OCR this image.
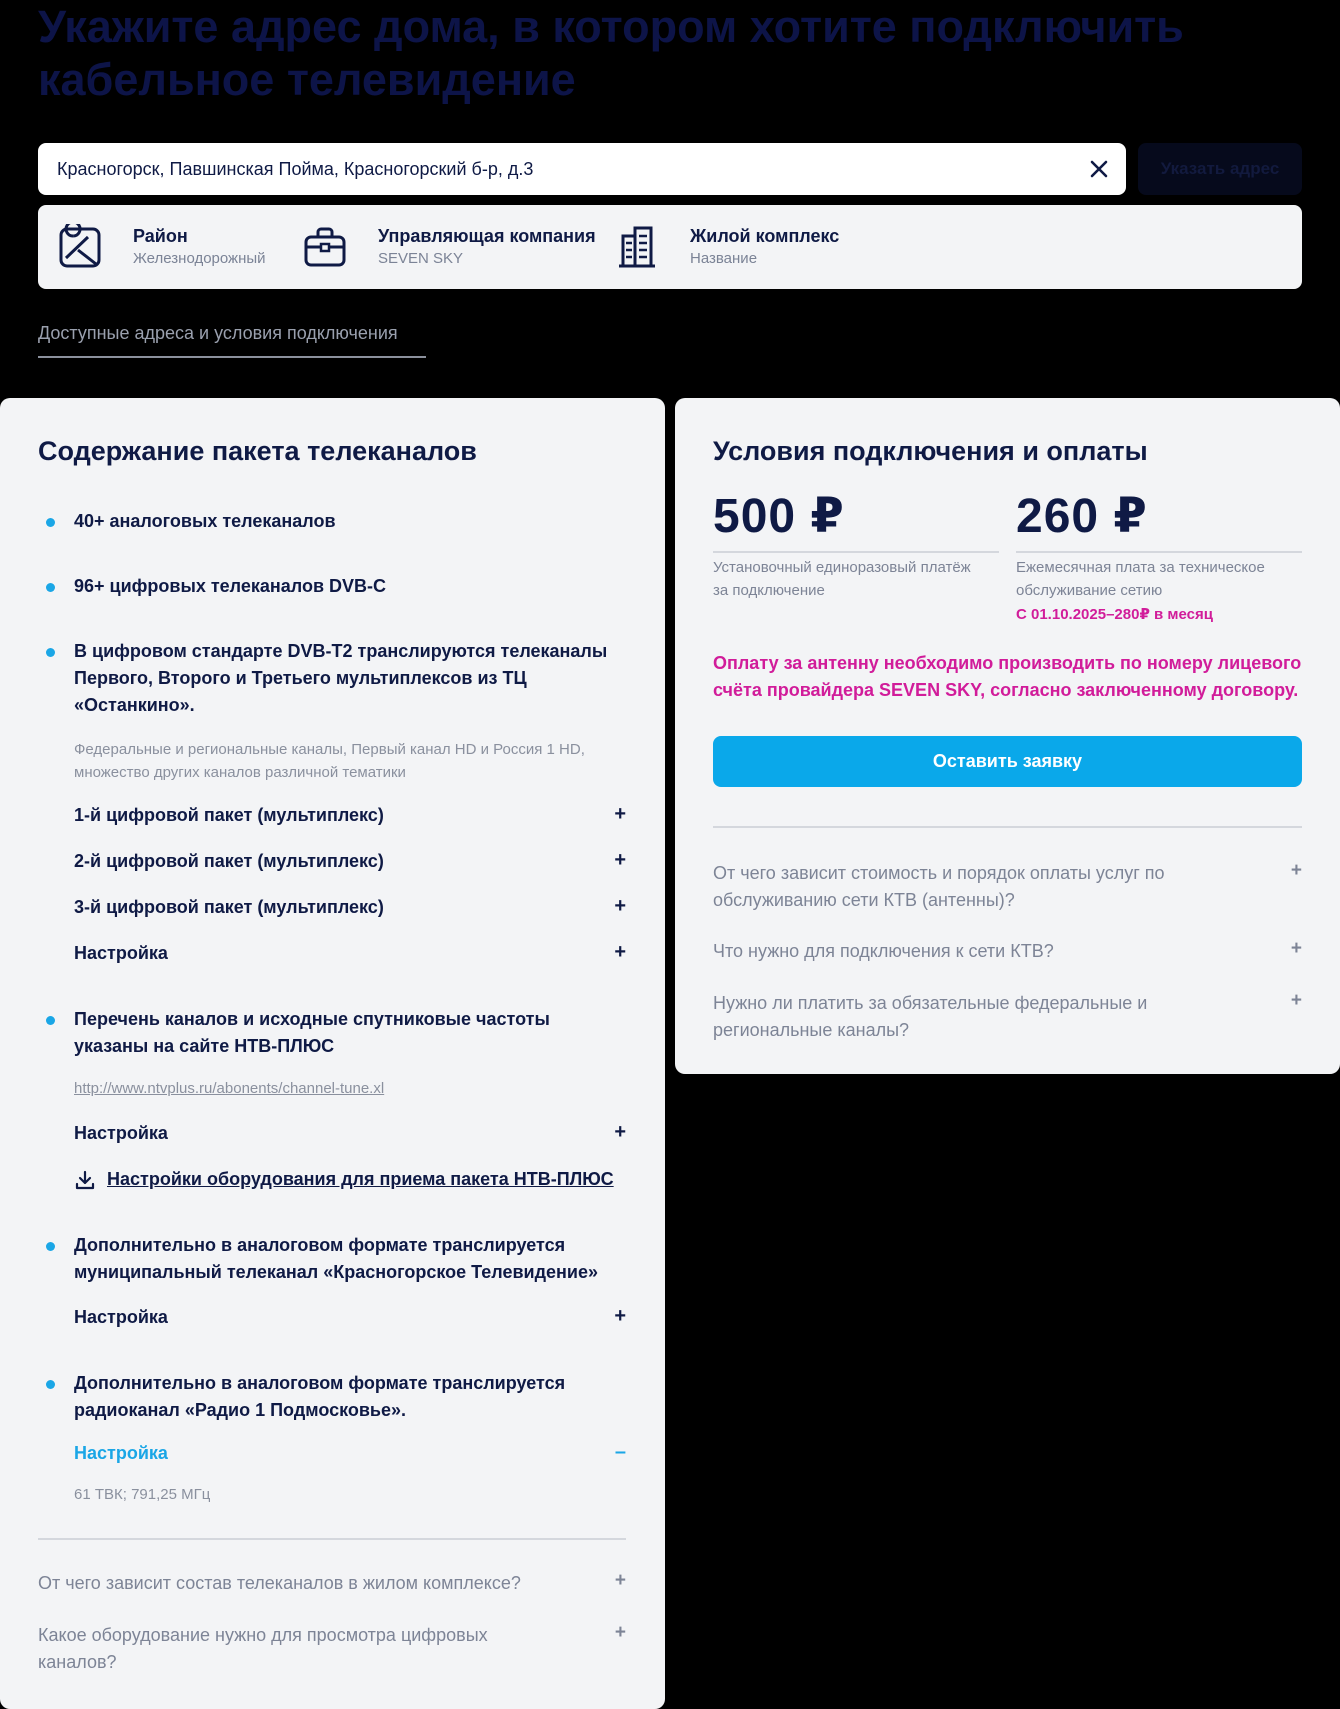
Укажите адрес дома, в котором хотите подключить кабельное телевидение
Красногорск, Павшинская Пойма, Красногорский б-р, д.3
Указать адрес
Район
Железнодорожный
Управляющая компания
SEVEN SKY
Жилой комплекс
Название
Доступные адреса и условия подключения
Содержание пакета телеканалов
40+ аналоговых телеканалов
96+ цифровых телеканалов DVB-C
В цифровом стандарте DVB-T2 транслируются телеканалы Первого, Второго и Третьего мультиплексов из ТЦ «Останкино».
Федеральные и региональные каналы, Первый канал HD и Россия 1 HD, множество других каналов различной тематики
1-й цифровой пакет (мультиплекс)	+
2-й цифровой пакет (мультиплекс)	+
3-й цифровой пакет (мультиплекс)	+
Настройка	+
Перечень каналов и исходные спутниковые частоты указаны на сайте НТВ-ПЛЮС
http://www.ntvplus.ru/abonents/channel-tune.xl
Настройка	+
Настройки оборудования для приема пакета НТВ-ПЛЮС
Дополнительно в аналоговом формате транслируется муниципальный телеканал «Красногорское Телевидение»
Настройка	+
Дополнительно в аналоговом формате транслируется радиоканал «Радио 1 Подмосковье».
Настройка	–
61 ТВК; 791,25 МГц
От чего зависит состав телеканалов в жилом комплексе?	+
Какое оборудование нужно для просмотра цифровых каналов?
+
Условия подключения и оплаты
500 ₽
Установочный единоразовый платёж за подключение
260 ₽
Ежемесячная плата за техническое обслуживание сетию
С 01.10.2025–280₽ в месяц
Оплату за антенну необходимо производить по номеру лицевого счёта провайдера SEVEN SKY, согласно заключенному договору.
Оставить заявку
От чего зависит стоимость и порядок оплаты услуг по обслуживанию сети КТВ (антенны)?
+
Что нужно для подключения к сети КТВ?	+
Нужно ли платить за обязательные федеральные и региональные каналы?
+
